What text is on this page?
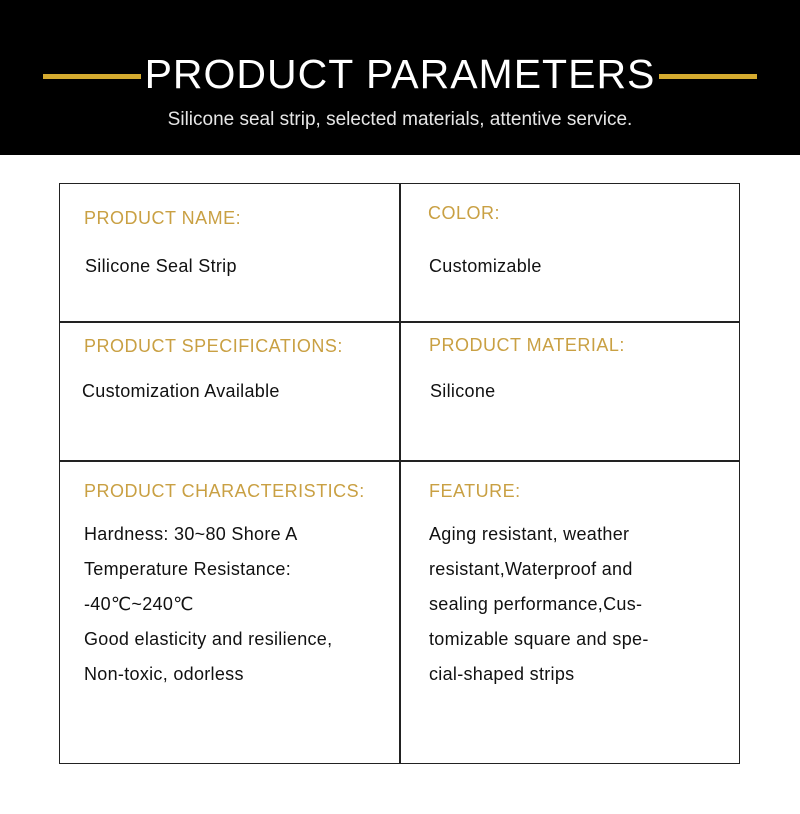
PRODUCT PARAMETERS
Silicone seal strip, selected materials, attentive service.
PRODUCT NAME:
Silicone Seal Strip
COLOR:
Customizable
PRODUCT SPECIFICATIONS:
Customization Available
PRODUCT MATERIAL:
Silicone
PRODUCT CHARACTERISTICS:
Hardness: 30~80 Shore A
Temperature Resistance:
-40℃~240℃
Good elasticity and resilience,
Non-toxic, odorless
FEATURE:
Aging resistant, weather
resistant,Waterproof and
sealing performance,Cus-
tomizable square and spe-
cial-shaped strips
